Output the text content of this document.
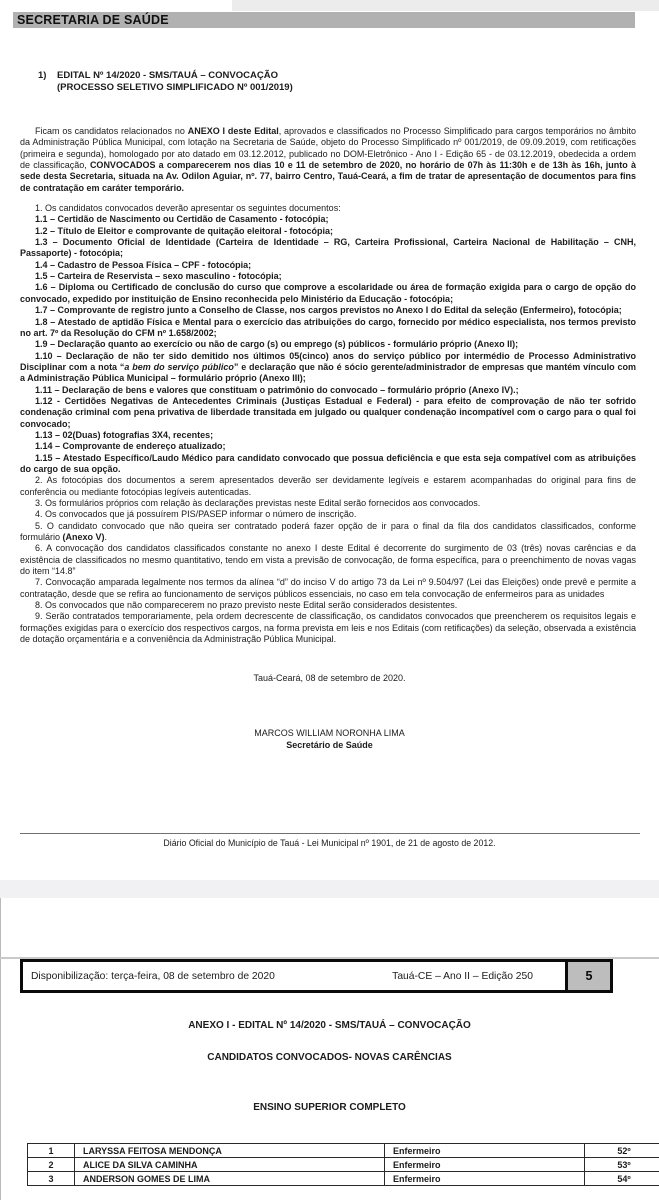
SECRETARIA DE SAÚDE
1)	EDITAL Nº 14/2020 - SMS/TAUÁ – CONVOCAÇÃO
(PROCESSO SELETIVO SIMPLIFICADO Nº 001/2019)

Ficam os candidatos relacionados no ANEXO I deste Edital, aprovados e classificados no Processo Simplificado para cargos temporários no âmbito da Administração Pública Municipal, com lotação na Secretaria de Saúde, objeto do Processo Simplificado nº 001/2019, de 09.09.2019, com retificações (primeira e segunda), homologado por ato datado em 03.12.2012, publicado no DOM-Eletrônico - Ano I - Edição 65 - de 03.12.2019, obedecida a ordem de classificação, CONVOCADOS a comparecerem nos dias 10 e 11 de setembro de 2020, no horário de 07h às 11:30h e de 13h às 16h, junto à sede desta Secretaria, situada na Av. Odilon Aguiar, nº. 77, bairro Centro, Tauá-Ceará, a fim de tratar de apresentação de documentos para fins de contratação em caráter temporário.

1. Os candidatos convocados deverão apresentar os seguintes documentos:

1.1 – Certidão de Nascimento ou Certidão de Casamento - fotocópia;

1.2 – Título de Eleitor e comprovante de quitação eleitoral - fotocópia;

1.3 – Documento Oficial de Identidade (Carteira de Identidade – RG, Carteira Profissional, Carteira Nacional de Habilitação – CNH, Passaporte) - fotocópia;

1.4 – Cadastro de Pessoa Física – CPF - fotocópia;

1.5 – Carteira de Reservista – sexo masculino - fotocópia;

1.6 – Diploma ou Certificado de conclusão do curso que comprove a escolaridade ou área de formação exigida para o cargo de opção do convocado, expedido por instituição de Ensino reconhecida pelo Ministério da Educação - fotocópia;

1.7 – Comprovante de registro junto a Conselho de Classe, nos cargos previstos no Anexo I do Edital da seleção (Enfermeiro), fotocópia;

1.8 – Atestado de aptidão Física e Mental para o exercício das atribuições do cargo, fornecido por médico especialista, nos termos previsto no art. 7º da Resolução do CFM nº 1.658/2002;

1.9 – Declaração quanto ao exercício ou não de cargo (s) ou emprego (s) públicos - formulário próprio (Anexo II);

1.10 – Declaração de não ter sido demitido nos últimos 05(cinco) anos do serviço público por intermédio de Processo Administrativo Disciplinar com a nota “a bem do serviço público” e declaração que não é sócio gerente/administrador de empresas que mantém vínculo com a Administração Pública Municipal – formulário próprio (Anexo III);

1.11 – Declaração de bens e valores que constituam o patrimônio do convocado – formulário próprio (Anexo IV).;

1.12 - Certidões Negativas de Antecedentes Criminais (Justiças Estadual e Federal) - para efeito de comprovação de não ter sofrido condenação criminal com pena privativa de liberdade transitada em julgado ou qualquer condenação incompatível com o cargo para o qual foi convocado;

1.13 – 02(Duas) fotografias 3X4, recentes;

1.14 – Comprovante de endereço atualizado;

1.15 – Atestado Específico/Laudo Médico para candidato convocado que possua deficiência e que esta seja compatível com as atribuições do cargo de sua opção.

2. As fotocópias dos documentos a serem apresentados deverão ser devidamente legíveis e estarem acompanhadas do original para fins de conferência ou mediante fotocópias legíveis autenticadas.

3. Os formulários próprios com relação às declarações previstas neste Edital serão fornecidos aos convocados.

4. Os convocados que já possuírem PIS/PASEP informar o número de inscrição.

5. O candidato convocado que não queira ser contratado poderá fazer opção de ir para o final da fila dos candidatos classificados, conforme formulário (Anexo V).

6. A convocação dos candidatos classificados constante no anexo I deste Edital é decorrente do surgimento de 03 (três) novas carências e da existência de classificados no mesmo quantitativo, tendo em vista a previsão de convocação, de forma específica, para o preenchimento de novas vagas do item “14.8”

7. Convocação amparada legalmente nos termos da alínea “d” do inciso V do artigo 73 da Lei nº 9.504/97 (Lei das Eleições) onde prevê e permite a contratação, desde que se refira ao funcionamento de serviços públicos essenciais, no caso em tela convocação de enfermeiros para as unidades

8. Os convocados que não comparecerem no prazo previsto neste Edital serão considerados desistentes.

9. Serão contratados temporariamente, pela ordem decrescente de classificação, os candidatos convocados que preencherem os requisitos legais e formações exigidas para o exercício dos respectivos cargos, na forma prevista em leis e nos Editais (com retificações) da seleção, observada a existência de dotação orçamentária e a conveniência da Administração Pública Municipal.

Tauá-Ceará, 08 de setembro de 2020.
MARCOS WILLIAM NORONHA LIMA
Secretário de Saúde
Diário Oficial do Município de Tauá - Lei Municipal nº 1901, de 21 de agosto de 2012.
Disponibilização: terça-feira, 08 de setembro de 2020	Tauá-CE – Ano II – Edição 250	5
ANEXO I - EDITAL Nº 14/2020 - SMS/TAUÁ – CONVOCAÇÃO
CANDIDATOS CONVOCADOS- NOVAS CARÊNCIAS
ENSINO SUPERIOR COMPLETO
1	LARYSSA FEITOSA MENDONÇA	Enfermeiro	52º
2	ALICE DA SILVA CAMINHA	Enfermeiro	53º
3	ANDERSON GOMES DE LIMA	Enfermeiro	54º
